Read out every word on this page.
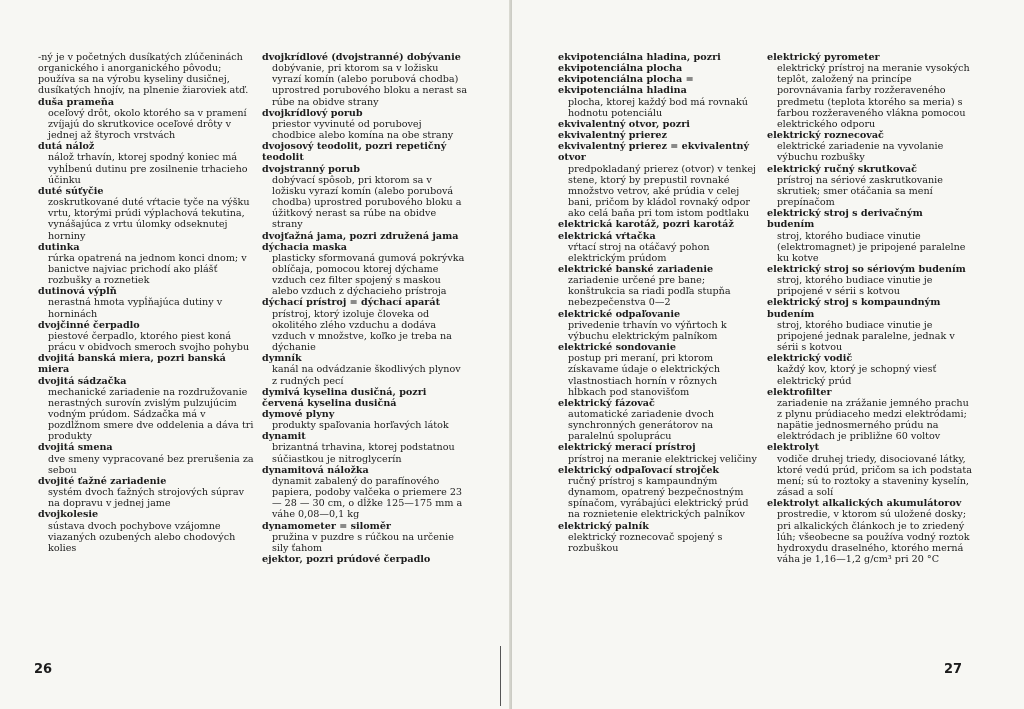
-ný je v početných dusíkatých zlúčeninách organického i anorganického pôvodu; používa sa na výrobu kyseliny dusičnej, dusíkatých hnojív, na plnenie žiaroviek atď.
duša prameňa
oceľový drôt, okolo ktorého sa v pramení zvíjajú do skrutkovice oceľové drôty v jednej až štyroch vrstvách
dutá nálož
nálož trhavín, ktorej spodný koniec má vyhĺbenú dutinu pre zosilnenie trhacieho účinku
duté súťyčie
zoskrutkované duté vŕtacie tyče na výšku vrtu, ktorými prúdi výplachová tekutina, vynášajúca z vrtu úlomky odseknutej horniny
dutinka
rúrka opatrená na jednom konci dnom; v banictve najviac prichodí ako plášť rozbušky a roznetiek
dutinová výplň
nerastná hmota vypĺňajúca dutiny v horninách
dvojčinné čerpadlo
piestové čerpadlo, ktorého piest koná prácu v obidvoch smeroch svojho pohybu
dvojitá banská miera, pozri banská miera
dvojitá sádzačka
mechanické zariadenie na rozdružovanie nerastných surovín zvislým pulzujúcim vodným prúdom. Sádzačka má v pozdĺžnom smere dve oddelenia a dáva tri produkty
dvojitá smena
dve smeny vypracované bez prerušenia za sebou
dvojité ťažné zariadenie
systém dvoch ťažných strojových súprav na dopravu v jednej jame
dvojkolesie
sústava dvoch pochybove vzájomne viazaných ozubených alebo chodových kolies
dvojkrídlové (dvojstranné) dobývanie
dobývanie, pri ktorom sa v ložisku vyrazí komín (alebo porubová chodba) uprostred porubového bloku a nerast sa rúbe na obidve strany
dvojkrídlový porub
priestor vyvinuté od porubovej chodbice alebo komína na obe strany
dvojosový teodolit, pozri repetičný teodolit
dvojstranný porub
dobývací spôsob, pri ktorom sa v ložisku vyrazí komín (alebo porubová chodba) uprostred porubového bloku a úžitkový nerast sa rúbe na obidve strany
dvojťažná jama, pozri združená jama
dýchacia maska
plasticky sformovaná gumová pokrývka oblíčaja, pomocou ktorej dýchame vzduch cez filter spojený s maskou alebo vzduch z dýchacieho prístroja
dýchací prístroj = dýchací aparát
prístroj, ktorý izoluje človeka od okolitého zlého vzduchu a dodáva vzduch v množstve, koľko je treba na dýchanie
dymník
kanál na odvádzanie škodlivých plynov z rudných pecí
dymivá kyselina dusičná, pozri červená kyselina dusičná
dymové plyny
produkty spaľovania horľavých látok
dynamit
brizantná trhavina, ktorej podstatnou súčiastkou je nitroglycerín
dynamitová náložka
dynamit zabalený do parafínového papiera, podoby valčeka o priemere 23 — 28 — 30 cm, o dĺžke 125—175 mm a váhe 0,08—0,1 kg
dynamometer = siloměr
pružina v puzdre s rúčkou na určenie sily ťahom
ejektor, pozri prúdové čerpadlo
26
ekvipotenciálna hladina, pozri ekvipotenciálna plocha
ekvipotenciálna plocha = ekvipotenciálna hladina
plocha, ktorej každý bod má rovnakú hodnotu potenciálu
ekvivalentný otvor, pozri ekvivalentný prierez
ekvivalentný prierez = ekvivalentný otvor
predpokladaný prierez (otvor) v tenkej stene, ktorý by prepustil rovnaké množstvo vetrov, aké prúdia v celej bani, pričom by kládol rovnaký odpor ako celá baňa pri tom istom podtlaku
elektrická karotáž, pozri karotáž
elektrická vŕtačka
vŕtací stroj na otáčavý pohon elektrickým prúdom
elektrické banské zariadenie
zariadenie určené pre bane; konštrukcia sa riadi podľa stupňa nebezpečenstva 0—2
elektrické odpaľovanie
privedenie trhavín vo výňrtoch k výbuchu elektrickým palníkom
elektrické sondovanie
postup pri meraní, pri ktorom získavame údaje o elektrických vlastnostiach hornín v rôznych hĺbkach pod stanovišťom
elektrický fázovač
automatické zariadenie dvoch synchronných generátorov na paralelnú spoluprácu
elektrický merací prístroj
prístroj na meranie elektrickej veličiny
elektrický odpaľovací strojček
ručný prístroj s kampaundným dynamom, opatrený bezpečnostným spínačom, vyrábajúci elektrický prúd na roznietenie elektrických palníkov
elektrický palník
elektrický roznecovač spojený s rozbuškou
elektrický pyrometer
elektrický prístroj na meranie vysokých teplôt, založený na princípe porovnávania farby rozžeraveného predmetu (teplota ktorého sa meria) s farbou rozžeraveného vlákna pomocou elektrického odporu
elektrický roznecovač
elektrické zariadenie na vyvolanie výbuchu rozbušky
elektrický ručný skrutkovač
prístroj na sériové zaskrutkovanie skrutiek; smer otáčania sa mení prepínačom
elektrický stroj s derivačným budením
stroj, ktorého budiace vinutie (elektromagnet) je pripojené paralelne ku kotve
elektrický stroj so sériovým budením
stroj, ktorého budiace vinutie je pripojené v sérii s kotvou
elektrický stroj s kompaundným budením
stroj, ktorého budiace vinutie je pripojené jednak paralelne, jednak v sérii s kotvou
elektrický vodič
každý kov, ktorý je schopný viesť elektrický prúd
elektrofilter
zariadenie na zrážanie jemného prachu z plynu prúdiaceho medzi elektródami; napätie jednosmerného prúdu na elektródach je približne 60 voltov
elektrolyt
vodiče druhej triedy, disociované látky, ktoré vedú prúd, pričom sa ich podstata mení; sú to roztoky a staveniny kyselín, zásad a solí
elektrolyt alkalických akumulátorov
prostredie, v ktorom sú uložené dosky; pri alkalických článkoch je to zriedený lúh; všeobecne sa používa vodný roztok hydroxydu draselného, ktorého merná váha je 1,16—1,2 g/cm³ pri 20 °C
27
